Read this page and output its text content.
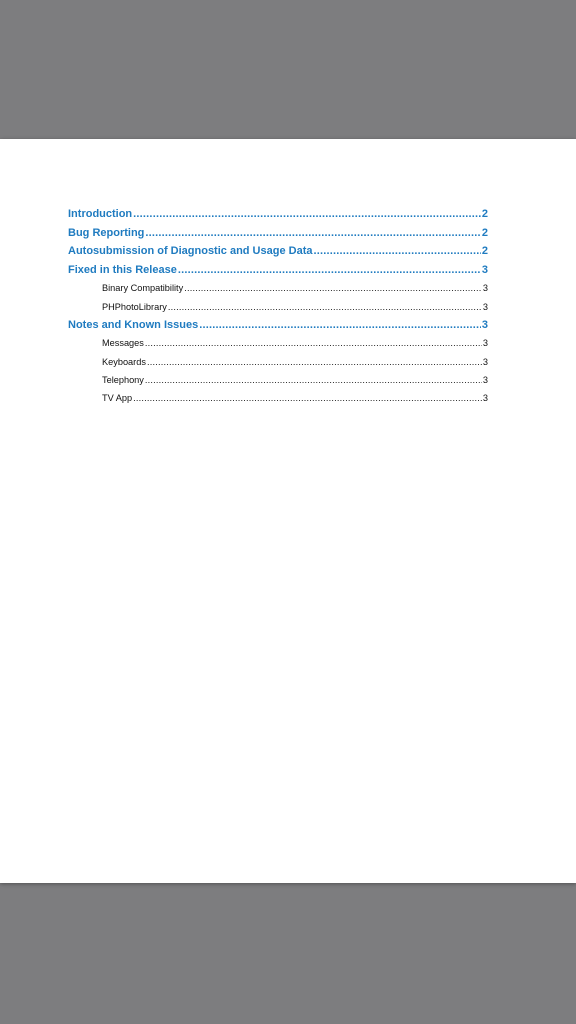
Introduction .....	2
Bug Reporting .....	2
Autosubmission of Diagnostic and Usage Data .....	2
Fixed in this Release .....	3
Binary Compatibility .....	3
PHPhotoLibrary .....	3
Notes and Known Issues .....	3
Messages .....	3
Keyboards .....	3
Telephony .....	3
TV App .....	3
